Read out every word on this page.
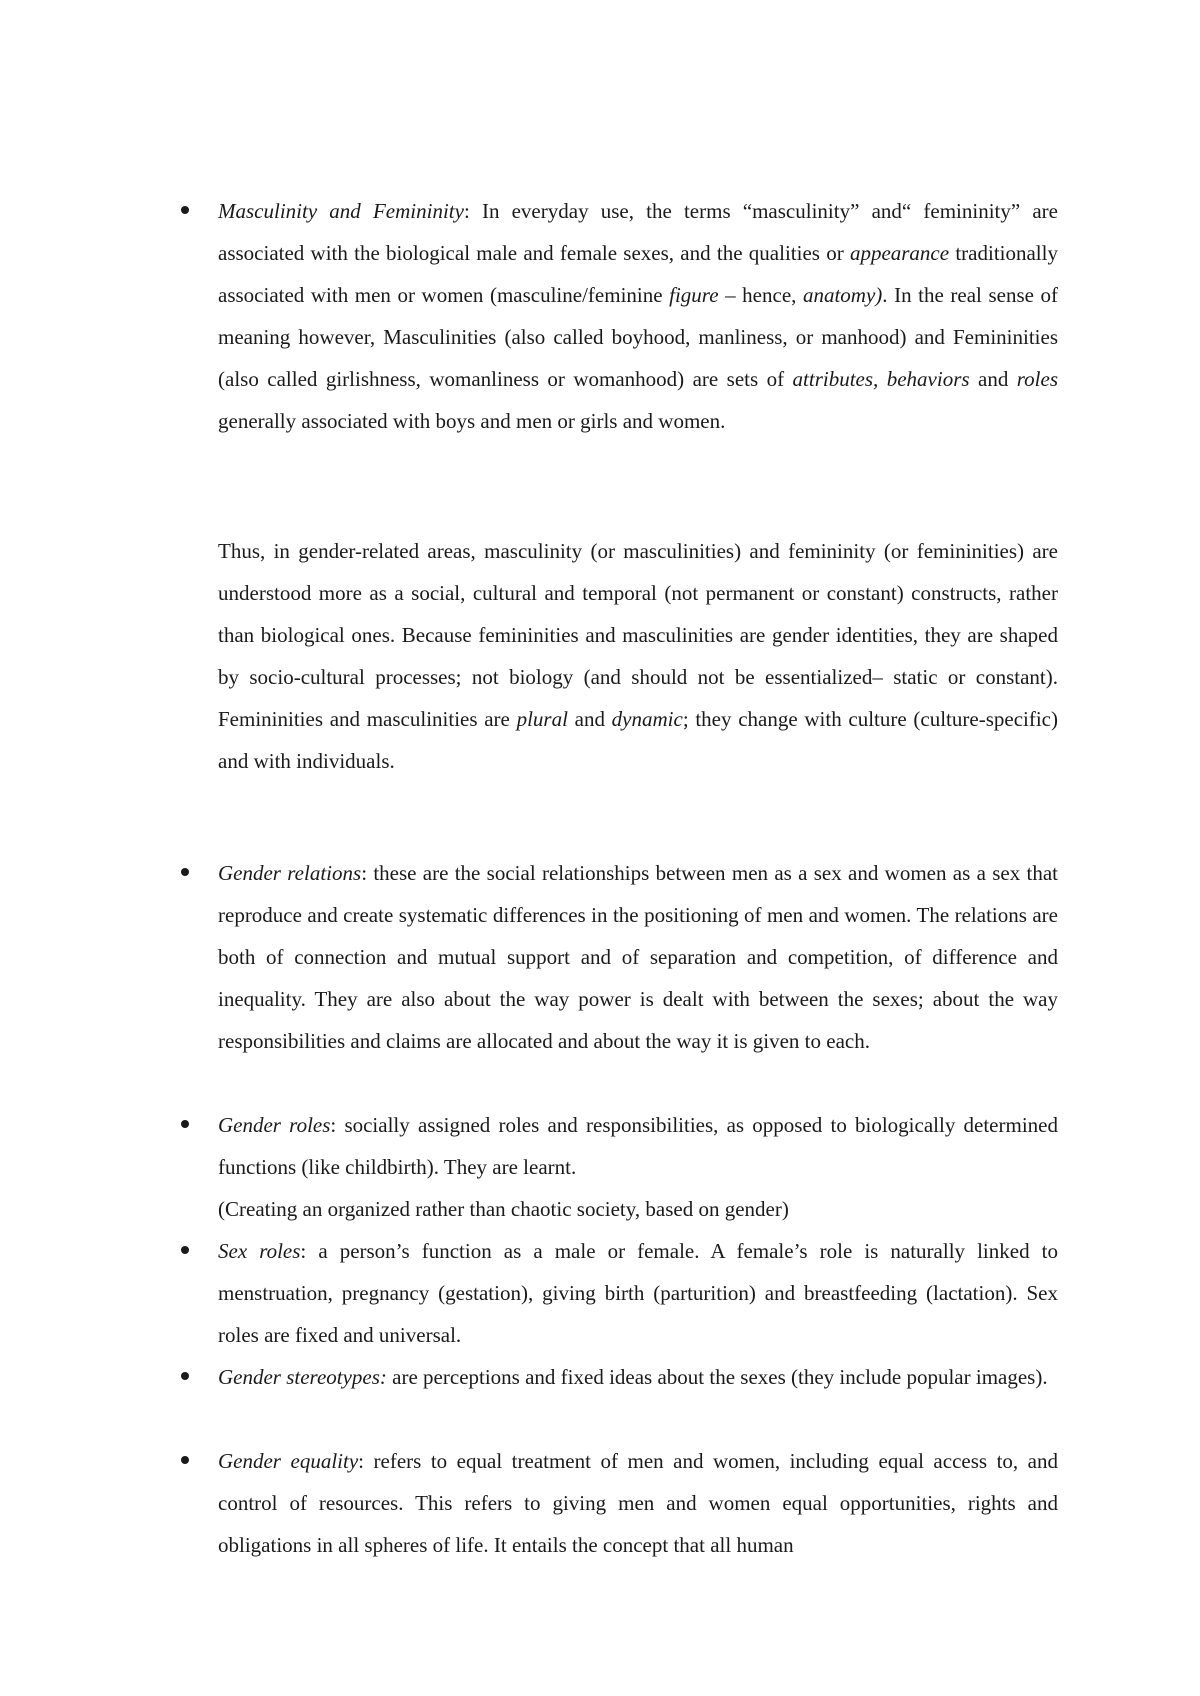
Masculinity and Femininity: In everyday use, the terms “masculinity” and“ femininity” are associated with the biological male and female sexes, and the qualities or appearance traditionally associated with men or women (masculine/feminine figure – hence, anatomy). In the real sense of meaning however, Masculinities (also called boyhood, manliness, or manhood) and Femininities (also called girlishness, womanliness or womanhood) are sets of attributes, behaviors and roles generally associated with boys and men or girls and women.

Thus, in gender-related areas, masculinity (or masculinities) and femininity (or femininities) are understood more as a social, cultural and temporal (not permanent or constant) constructs, rather than biological ones. Because femininities and masculinities are gender identities, they are shaped by socio-cultural processes; not biology (and should not be essentialized– static or constant). Femininities and masculinities are plural and dynamic; they change with culture (culture-specific) and with individuals.

Gender relations: these are the social relationships between men as a sex and women as a sex that reproduce and create systematic differences in the positioning of men and women. The relations are both of connection and mutual support and of separation and competition, of difference and inequality. They are also about the way power is dealt with between the sexes; about the way responsibilities and claims are allocated and about the way it is given to each.

Gender roles: socially assigned roles and responsibilities, as opposed to biologically determined functions (like childbirth). They are learnt.
(Creating an organized rather than chaotic society, based on gender)

Sex roles: a person’s function as a male or female. A female’s role is naturally linked to menstruation, pregnancy (gestation), giving birth (parturition) and breastfeeding (lactation). Sex roles are fixed and universal.

Gender stereotypes: are perceptions and fixed ideas about the sexes (they include popular images).

Gender equality: refers to equal treatment of men and women, including equal access to, and control of resources. This refers to giving men and women equal opportunities, rights and obligations in all spheres of life. It entails the concept that all human
